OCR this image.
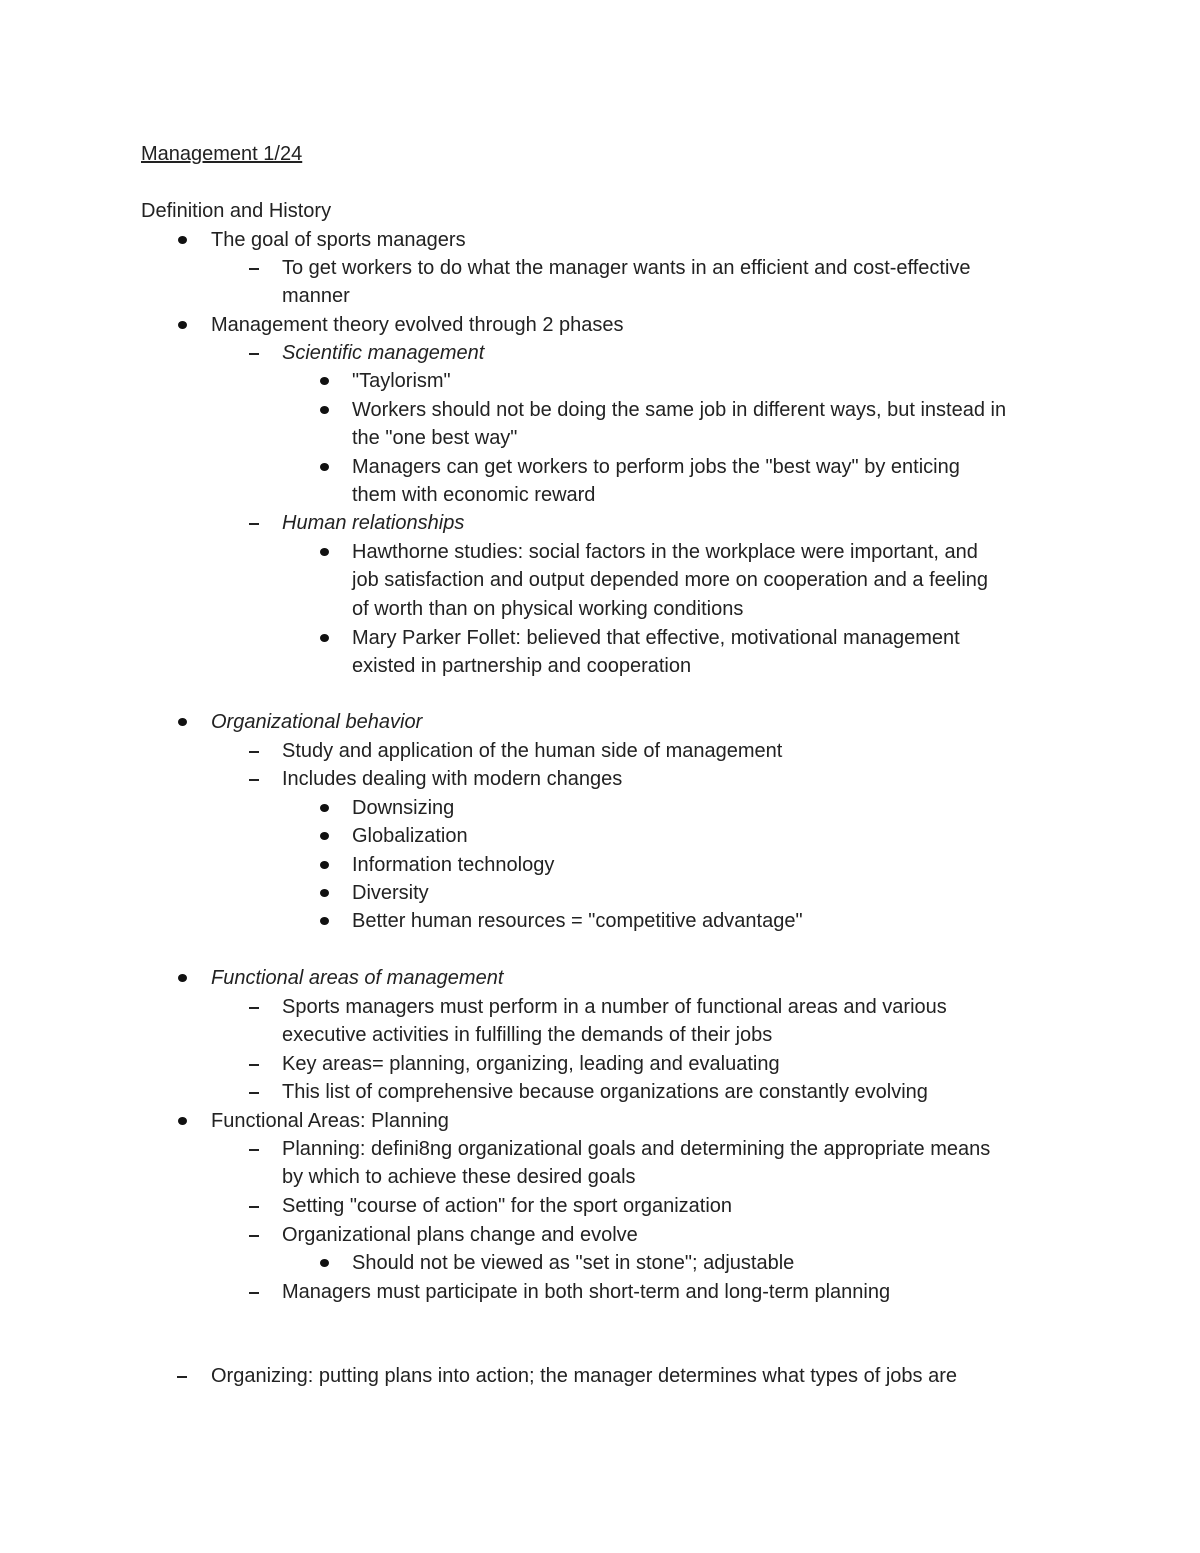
Management 1/24
Definition and History
The goal of sports managers
To get workers to do what the manager wants in an efficient and cost-effective
manner
Management theory evolved through 2 phases
Scientific management
"Taylorism"
Workers should not be doing the same job in different ways, but instead in
the "one best way"
Managers can get workers to perform jobs the "best way" by enticing
them with economic reward
Human relationships
Hawthorne studies: social factors in the workplace were important, and
job satisfaction and output depended more on cooperation and a feeling
of worth than on physical working conditions
Mary Parker Follet: believed that effective, motivational management
existed in partnership and cooperation
Organizational behavior
Study and application of the human side of management
Includes dealing with modern changes
Downsizing
Globalization
Information technology
Diversity
Better human resources = "competitive advantage"
Functional areas of management
Sports managers must perform in a number of functional areas and various
executive activities in fulfilling the demands of their jobs
Key areas= planning, organizing, leading and evaluating
This list of comprehensive because organizations are constantly evolving
Functional Areas: Planning
Planning: defini8ng organizational goals and determining the appropriate means
by which to achieve these desired goals
Setting "course of action" for the sport organization
Organizational plans change and evolve
Should not be viewed as "set in stone"; adjustable
Managers must participate in both short-term and long-term planning
Organizing: putting plans into action; the manager determines what types of jobs are
